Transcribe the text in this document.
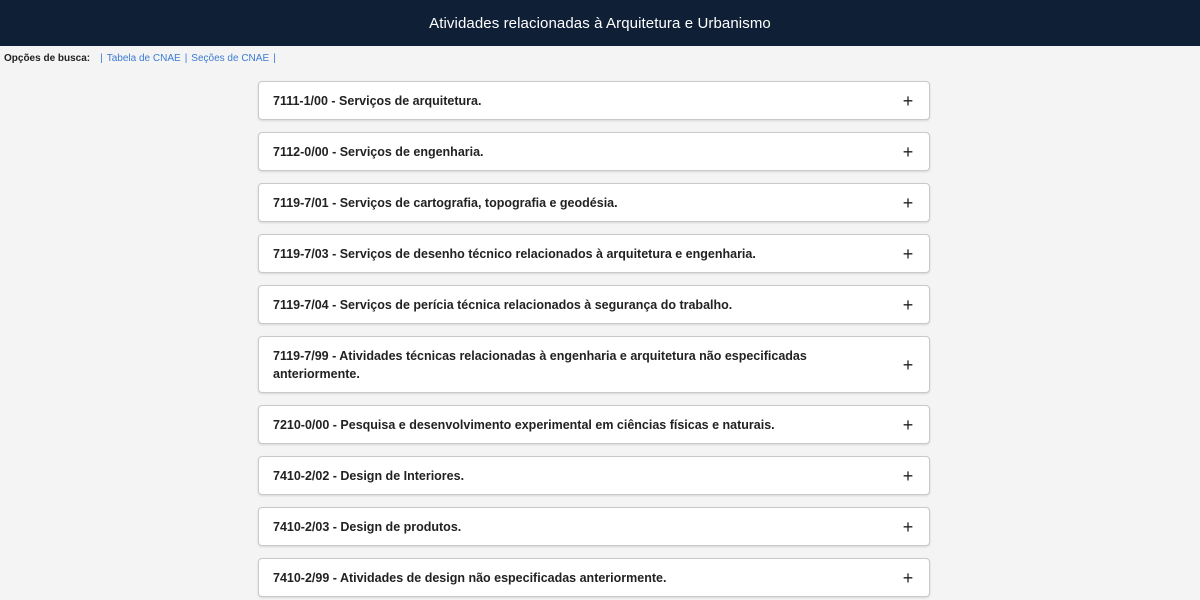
Atividades relacionadas à Arquitetura e Urbanismo
Opções de busca: | Tabela de CNAE | Seções de CNAE |
7111-1/00 - Serviços de arquitetura.	+
7112-0/00 - Serviços de engenharia.	+
7119-7/01 - Serviços de cartografia, topografia e geodésia.	+
7119-7/03 - Serviços de desenho técnico relacionados à arquitetura e engenharia.	+
7119-7/04 - Serviços de perícia técnica relacionados à segurança do trabalho.	+
7119-7/99 - Atividades técnicas relacionadas à engenharia e arquitetura não especificadas anteriormente.	+
7210-0/00 - Pesquisa e desenvolvimento experimental em ciências físicas e naturais.	+
7410-2/02 - Design de Interiores.	+
7410-2/03 - Design de produtos.	+
7410-2/99 - Atividades de design não especificadas anteriormente.	+
